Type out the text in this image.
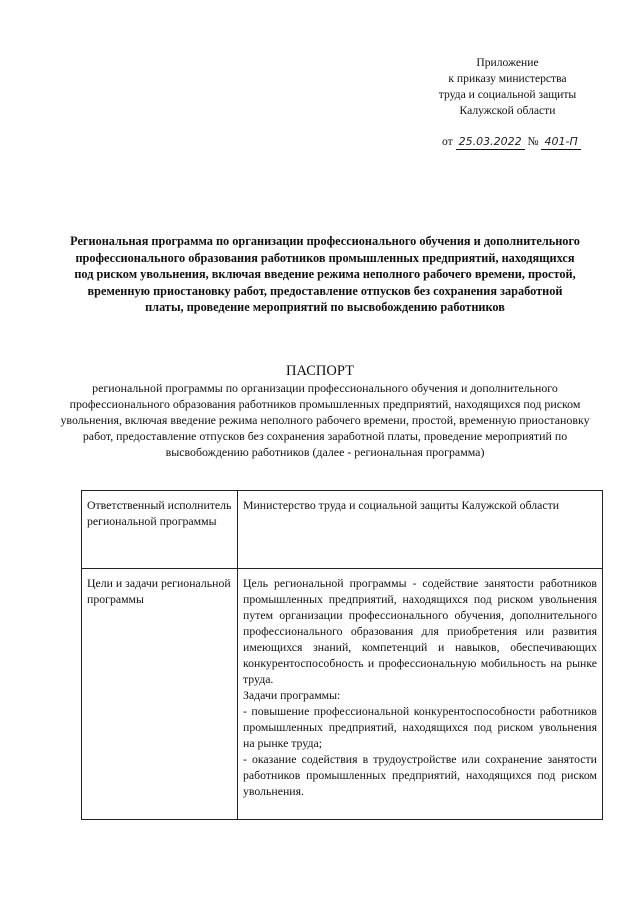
Приложение
к приказу министерства
труда и социальной защиты
Калужской области
от 25.03.2022 № 401-П
Региональная программа по организации профессионального обучения и дополнительного профессионального образования работников промышленных предприятий, находящихся под риском увольнения, включая введение режима неполного рабочего времени, простой, временную приостановку работ, предоставление отпусков без сохранения заработной платы, проведение мероприятий по высвобождению работников
ПАСПОРТ
региональной программы по организации профессионального обучения и дополнительного профессионального образования работников промышленных предприятий, находящихся под риском увольнения, включая введение режима неполного рабочего времени, простой, временную приостановку работ, предоставление отпусков без сохранения заработной платы, проведение мероприятий по высвобождению работников (далее - региональная программа)
Ответственный исполнитель региональной программы	Министерство труда и социальной защиты Калужской области

Цели и задачи региональной программы	Цель региональной программы - содействие занятости работников промышленных предприятий, находящихся под риском увольнения путем организации профессионального обучения, дополнительного профессионального образования для приобретения или развития имеющихся знаний, компетенций и навыков, обеспечивающих конкурентоспособность и профессиональную мобильность на рынке труда.
Задачи программы:
- повышение профессиональной конкурентоспособности работников промышленных предприятий, находящихся под риском увольнения на рынке труда;
- оказание содействия в трудоустройстве или сохранение занятости работников промышленных предприятий, находящихся под риском увольнения.
